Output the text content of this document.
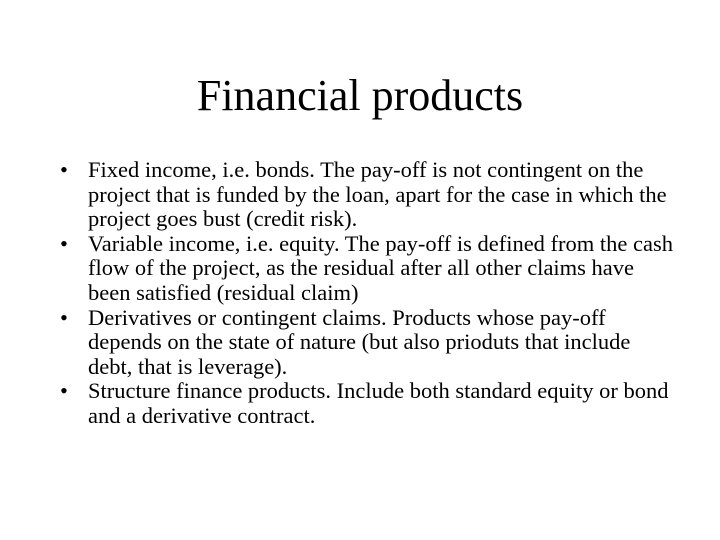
Financial products
• Fixed income, i.e. bonds. The pay-off is not contingent on the project that is funded by the loan, apart for the case in which the project goes bust (credit risk).
• Variable income, i.e. equity. The pay-off is defined from the cash flow of the project, as the residual after all other claims have been satisfied (residual claim)
• Derivatives or contingent claims. Products whose pay-off depends on the state of nature (but also prioduts that include debt, that is leverage).
• Structure finance products. Include both standard equity or bond and a derivative contract.
